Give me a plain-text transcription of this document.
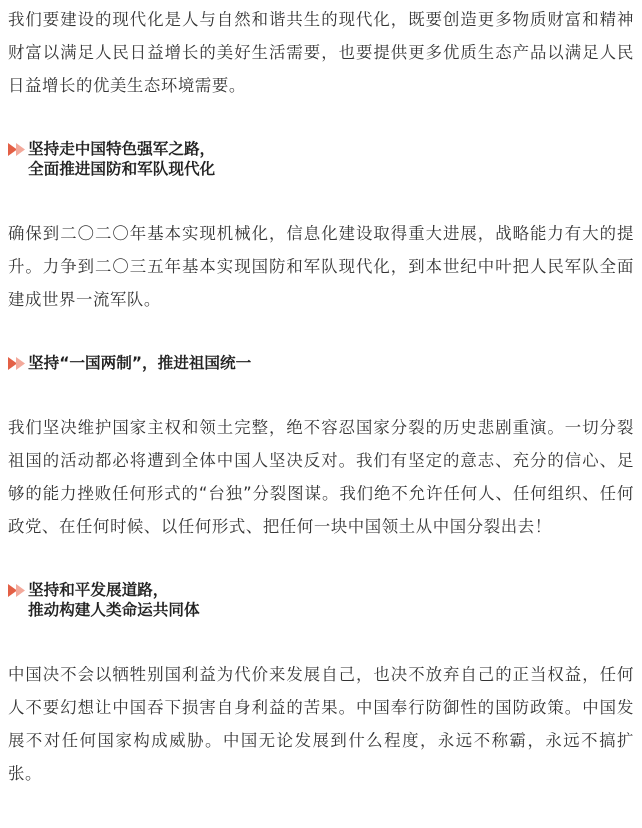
我们要建设的现代化是人与自然和谐共生的现代化，既要创造更多物质财富和精神财富以满足人民日益增长的美好生活需要，也要提供更多优质生态产品以满足人民日益增长的优美生态环境需要。

坚持走中国特色强军之路，
全面推进国防和军队现代化

确保到二〇二〇年基本实现机械化，信息化建设取得重大进展，战略能力有大的提升。力争到二〇三五年基本实现国防和军队现代化，到本世纪中叶把人民军队全面建成世界一流军队。

坚持“一国两制”，推进祖国统一

我们坚决维护国家主权和领土完整，绝不容忍国家分裂的历史悲剧重演。一切分裂祖国的活动都必将遭到全体中国人坚决反对。我们有坚定的意志、充分的信心、足够的能力挫败任何形式的“台独”分裂图谋。我们绝不允许任何人、任何组织、任何政党、在任何时候、以任何形式、把任何一块中国领土从中国分裂出去！

坚持和平发展道路，
推动构建人类命运共同体

中国决不会以牺牲别国利益为代价来发展自己，也决不放弃自己的正当权益，任何人不要幻想让中国吞下损害自身利益的苦果。中国奉行防御性的国防政策。中国发展不对任何国家构成威胁。中国无论发展到什么程度，永远不称霸，永远不搞扩张。
